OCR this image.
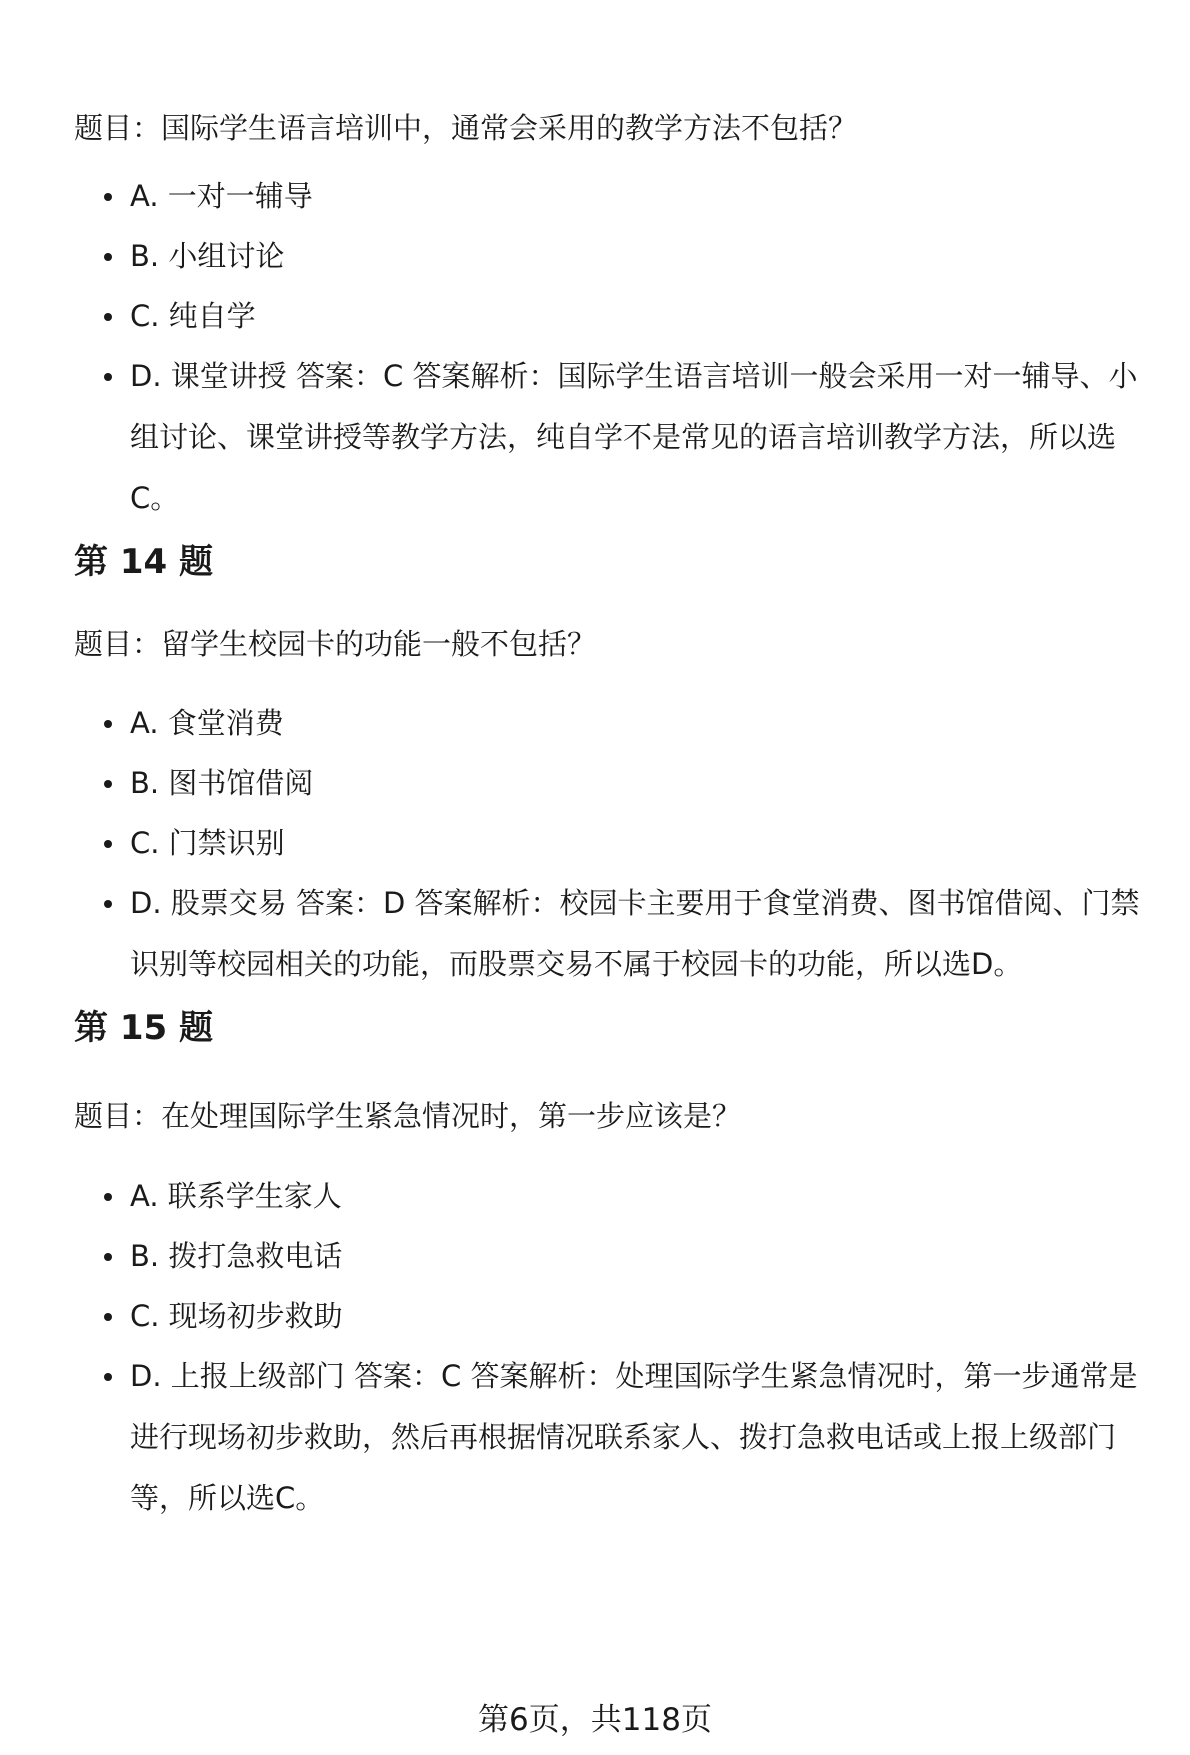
题目：国际学生语言培训中，通常会采用的教学方法不包括？

A. 一对一辅导
B. 小组讨论
C. 纯自学
D. 课堂讲授 答案：C 答案解析：国际学生语言培训一般会采用一对一辅导、小组讨论、课堂讲授等教学方法，纯自学不是常见的语言培训教学方法，所以选C。
第 14 题

题目：留学生校园卡的功能一般不包括？

A. 食堂消费
B. 图书馆借阅
C. 门禁识别
D. 股票交易 答案：D 答案解析：校园卡主要用于食堂消费、图书馆借阅、门禁识别等校园相关的功能，而股票交易不属于校园卡的功能，所以选D。
第 15 题

题目：在处理国际学生紧急情况时，第一步应该是？

A. 联系学生家人
B. 拨打急救电话
C. 现场初步救助
D. 上报上级部门 答案：C 答案解析：处理国际学生紧急情况时，第一步通常是进行现场初步救助，然后再根据情况联系家人、拨打急救电话或上报上级部门等，所以选C。
第6页，共118页
